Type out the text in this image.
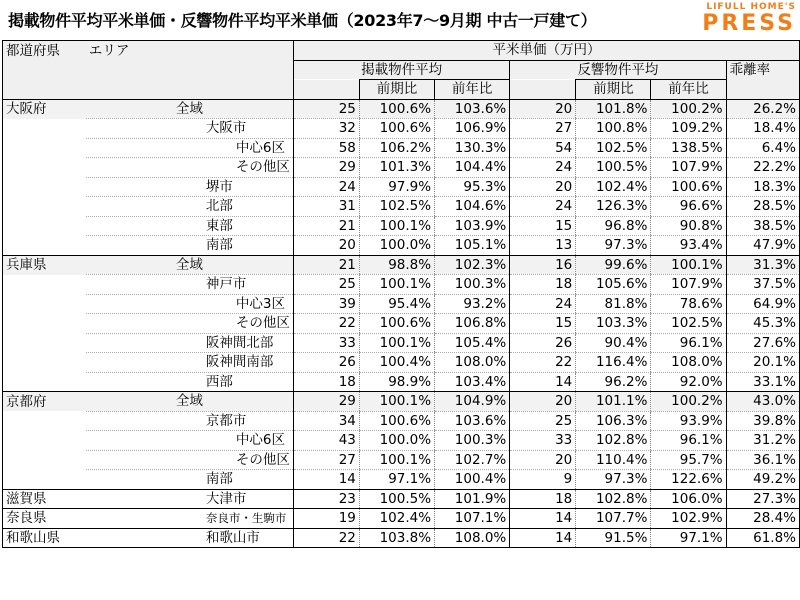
掲載物件平均平米単価・反響物件平均平米単価（2023年7〜9月期 中古一戸建て）
LIFULL HOME'S
PRESS
都道府県	エリア	平米単価（万円）						
		掲載物件平均			反響物件平均			乖離率
			前期比	前年比		前期比	前年比	
大阪府	全域	25	100.6%	103.6%	20	101.8%	100.2%	26.2%
	大阪市	32	100.6%	106.9%	27	100.8%	109.2%	18.4%
	中心6区	58	106.2%	130.3%	54	102.5%	138.5%	6.4%
	その他区	29	101.3%	104.4%	24	100.5%	107.9%	22.2%
	堺市	24	97.9%	95.3%	20	102.4%	100.6%	18.3%
	北部	31	102.5%	104.6%	24	126.3%	96.6%	28.5%
	東部	21	100.1%	103.9%	15	96.8%	90.8%	38.5%
	南部	20	100.0%	105.1%	13	97.3%	93.4%	47.9%
兵庫県	全域	21	98.8%	102.3%	16	99.6%	100.1%	31.3%
	神戸市	25	100.1%	100.3%	18	105.6%	107.9%	37.5%
	中心3区	39	95.4%	93.2%	24	81.8%	78.6%	64.9%
	その他区	22	100.6%	106.8%	15	103.3%	102.5%	45.3%
	阪神間北部	33	100.1%	105.4%	26	90.4%	96.1%	27.6%
	阪神間南部	26	100.4%	108.0%	22	116.4%	108.0%	20.1%
	西部	18	98.9%	103.4%	14	96.2%	92.0%	33.1%
京都府	全域	29	100.1%	104.9%	20	101.1%	100.2%	43.0%
	京都市	34	100.6%	103.6%	25	106.3%	93.9%	39.8%
	中心6区	43	100.0%	100.3%	33	102.8%	96.1%	31.2%
	その他区	27	100.1%	102.7%	20	110.4%	95.7%	36.1%
	南部	14	97.1%	100.4%	9	97.3%	122.6%	49.2%
滋賀県	大津市	23	100.5%	101.9%	18	102.8%	106.0%	27.3%
奈良県	奈良市・生駒市	19	102.4%	107.1%	14	107.7%	102.9%	28.4%
和歌山県	和歌山市	22	103.8%	108.0%	14	91.5%	97.1%	61.8%
